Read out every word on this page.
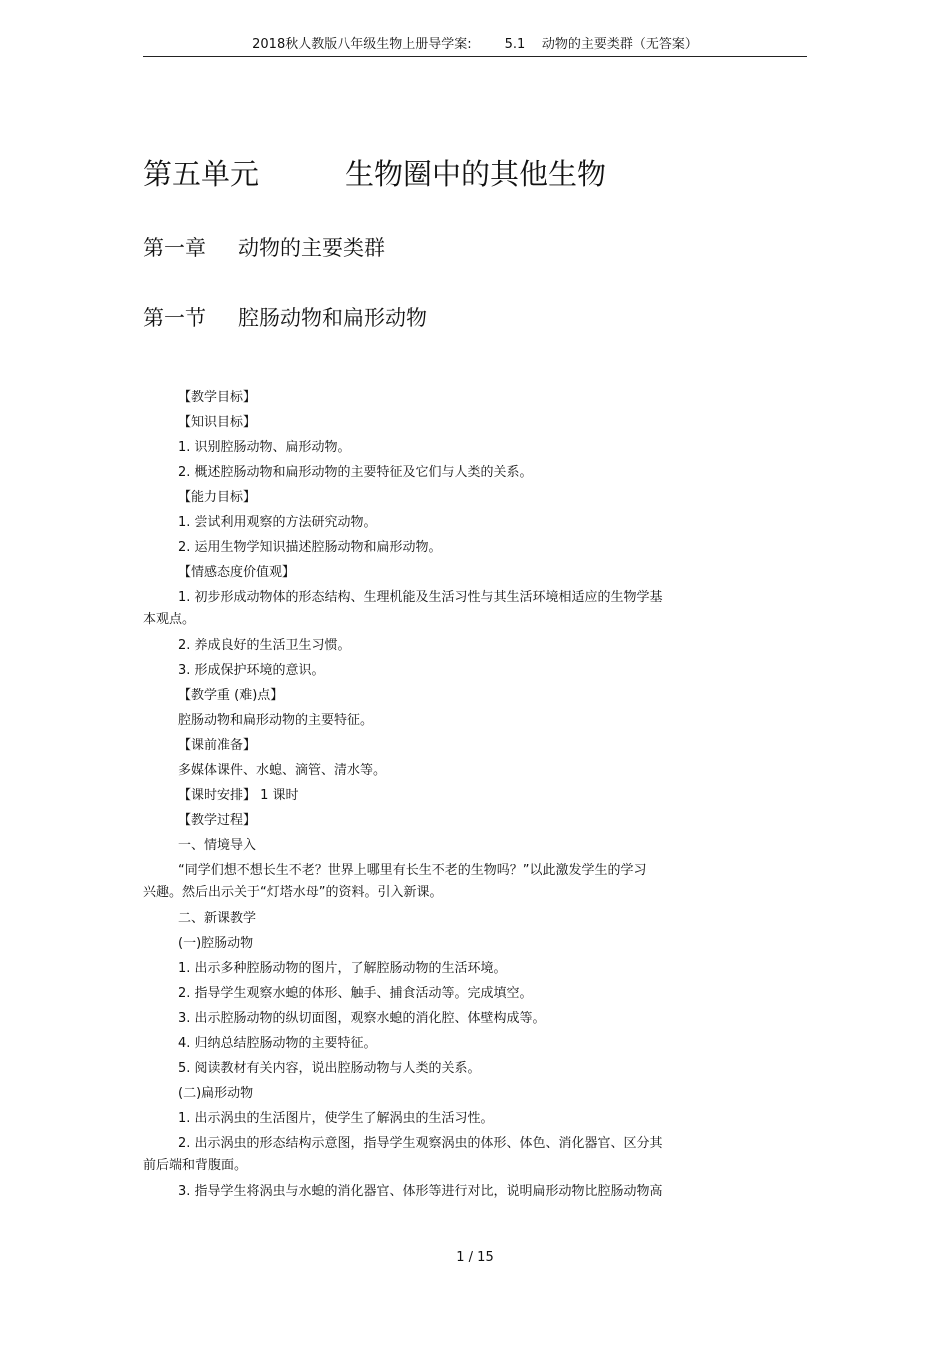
2018秋人教版八年级生物上册导学案:        5.1    动物的主要类群（无答案）
第五单元	生物圈中的其他生物
第一章 动物的主要类群
第一节 腔肠动物和扁形动物
【教学目标】
【知识目标】
1. 识别腔肠动物、扁形动物。
2. 概述腔肠动物和扁形动物的主要特征及它们与人类的关系。
【能力目标】
1. 尝试利用观察的方法研究动物。
2. 运用生物学知识描述腔肠动物和扁形动物。
【情感态度价值观】
1. 初步形成动物体的形态结构、生理机能及生活习性与其生活环境相适应的生物学基
本观点。
2. 养成良好的生活卫生习惯。
3. 形成保护环境的意识。
【教学重 (难)点】
腔肠动物和扁形动物的主要特征。
【课前准备】
多媒体课件、水螅、滴管、清水等。
【课时安排】 1 课时
【教学过程】
一、情境导入
“同学们想不想长生不老？世界上哪里有长生不老的生物吗？”以此激发学生的学习
兴趣。然后出示关于“灯塔水母”的资料。引入新课。
二、新课教学
(一)腔肠动物
1. 出示多种腔肠动物的图片，了解腔肠动物的生活环境。
2. 指导学生观察水螅的体形、触手、捕食活动等。完成填空。
3. 出示腔肠动物的纵切面图，观察水螅的消化腔、体壁构成等。
4. 归纳总结腔肠动物的主要特征。
5. 阅读教材有关内容，说出腔肠动物与人类的关系。
(二)扁形动物
1. 出示涡虫的生活图片，使学生了解涡虫的生活习性。
2. 出示涡虫的形态结构示意图，指导学生观察涡虫的体形、体色、消化器官、区分其
前后端和背腹面。
3. 指导学生将涡虫与水螅的消化器官、体形等进行对比，说明扁形动物比腔肠动物高
1 / 15
